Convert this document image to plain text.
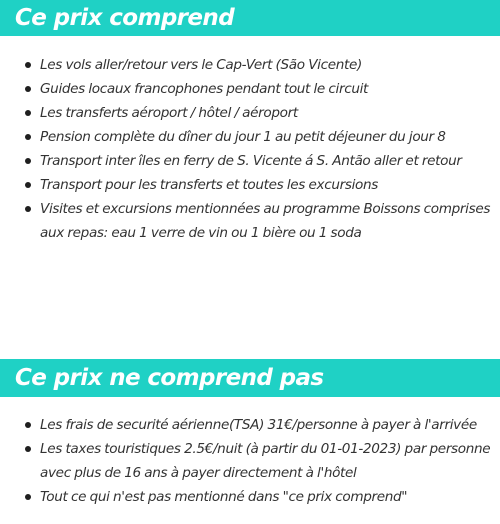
Ce prix comprend
Les vols aller/retour vers le Cap-Vert (São Vicente)
Guides locaux francophones pendant tout le circuit
Les transferts aéroport / hôtel / aéroport
Pension complète du dîner du jour 1 au petit déjeuner du jour 8
Transport inter îles en ferry de S. Vicente á S. Antão aller et retour
Transport pour les transferts et toutes les excursions
Visites et excursions mentionnées au programme Boissons comprises aux repas: eau 1 verre de vin ou 1 bière ou 1 soda
Ce prix ne comprend pas
Les frais de securité aérienne(TSA) 31€/personne à payer à l'arrivée
Les taxes touristiques 2.5€/nuit (à partir du 01-01-2023) par personne avec plus de 16 ans à payer directement à l'hôtel
Tout ce qui n'est pas mentionné dans "ce prix comprend"
